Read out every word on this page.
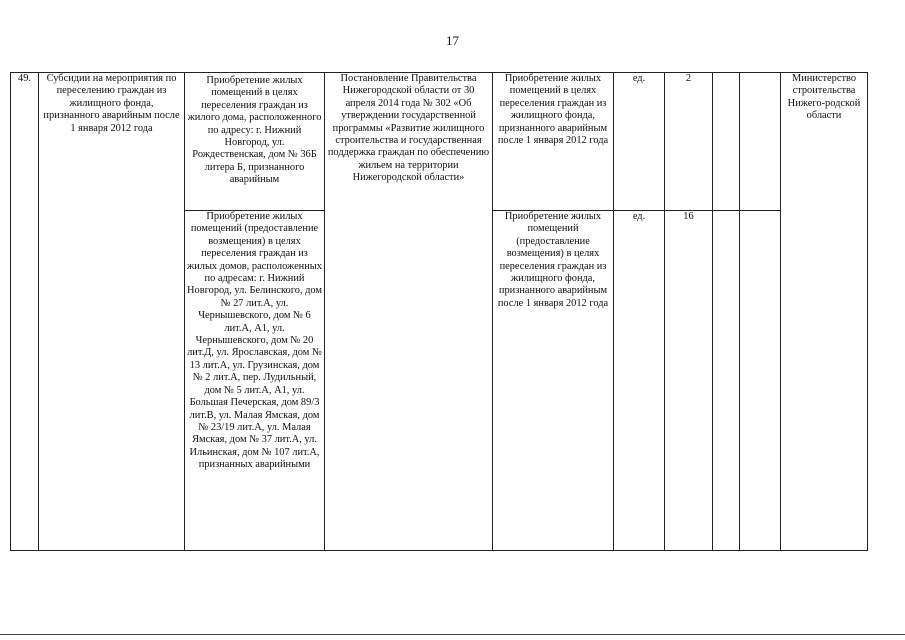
17
49.	Субсидии на мероприятия по переселению граждан из жилищного фонда, признанного аварийным после 1 января 2012 года	Приобретение жилых помещений в целях переселения граждан из жилого дома, расположенного по адресу: г. Нижний Новгород, ул. Рождественская, дом № 36Б литера Б, признанного аварийным	Постановление Правительства Нижегородской области от 30 апреля 2014 года № 302 «Об утверждении государственной программы «Развитие жилищного строительства и государственная поддержка граждан по обеспечению жильем на территории Нижегородской области»	Приобретение жилых помещений в целях переселения граждан из жилищного фонда, признанного аварийным после 1 января 2012 года	ед.	2			Министерство строительства Нижего-родской области
		Приобретение жилых помещений (предоставление возмещения) в целях переселения граждан из жилых домов, расположенных по адресам: г. Нижний Новгород, ул. Белинского, дом № 27 лит.А, ул. Чернышевского, дом № 6 лит.А, А1, ул. Чернышевского, дом № 20 лит.Д, ул. Ярославская, дом № 13 лит.А, ул. Грузинская, дом № 2 лит.А, пер. Лудильный, дом № 5 лит.А, А1, ул. Большая Печерская, дом 89/3 лит.В, ул. Малая Ямская, дом № 23/19 лит.А, ул. Малая Ямская, дом № 37 лит.А, ул. Ильинская, дом № 107 лит.А, признанных аварийными		Приобретение жилых помещений (предоставление возмещения) в целях переселения граждан из жилищного фонда, признанного аварийным после 1 января 2012 года	ед.	16			
